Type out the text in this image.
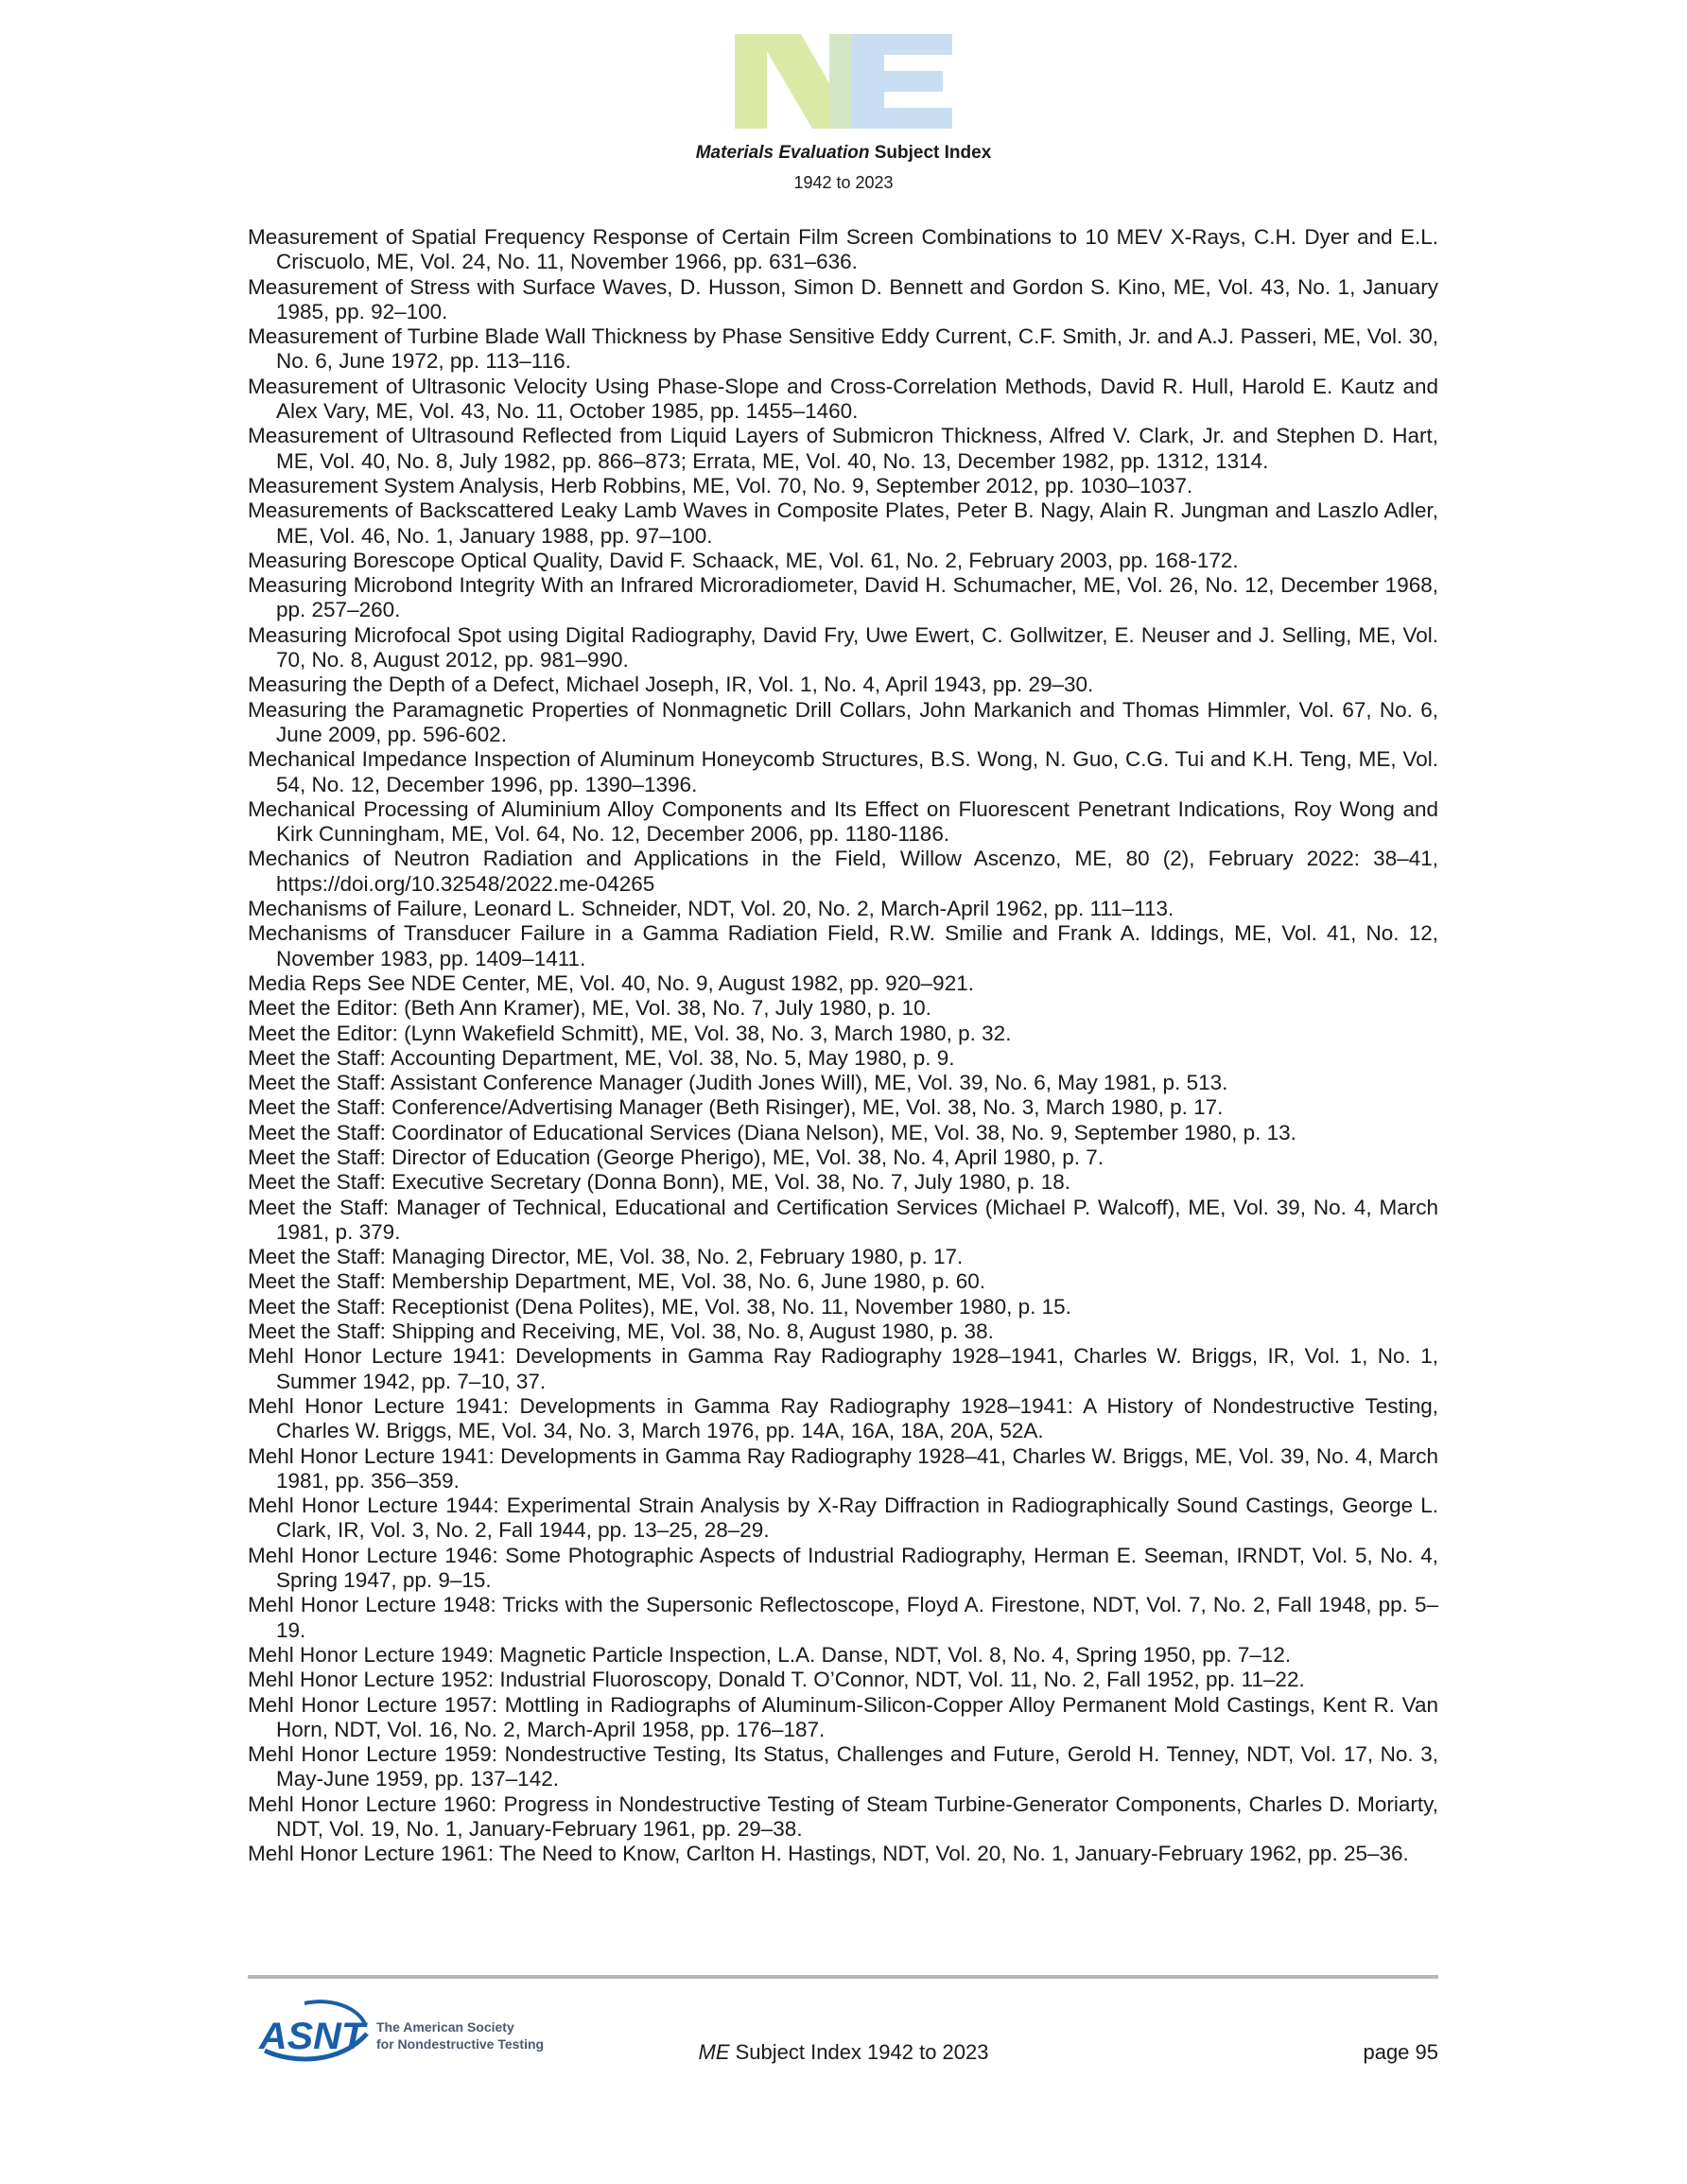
Materials Evaluation Subject Index
1942 to 2023
Measurement of Spatial Frequency Response of Certain Film Screen Combinations to 10 MEV X-Rays, C.H. Dyer and E.L. Criscuolo, ME, Vol. 24, No. 11, November 1966, pp. 631–636.
Measurement of Stress with Surface Waves, D. Husson, Simon D. Bennett and Gordon S. Kino, ME, Vol. 43, No. 1, January 1985, pp. 92–100.
Measurement of Turbine Blade Wall Thickness by Phase Sensitive Eddy Current, C.F. Smith, Jr. and A.J. Passeri, ME, Vol. 30, No. 6, June 1972, pp. 113–116.
Measurement of Ultrasonic Velocity Using Phase-Slope and Cross-Correlation Methods, David R. Hull, Harold E. Kautz and Alex Vary, ME, Vol. 43, No. 11, October 1985, pp. 1455–1460.
Measurement of Ultrasound Reflected from Liquid Layers of Submicron Thickness, Alfred V. Clark, Jr. and Stephen D. Hart, ME, Vol. 40, No. 8, July 1982, pp. 866–873; Errata, ME, Vol. 40, No. 13, December 1982, pp. 1312, 1314.
Measurement System Analysis, Herb Robbins, ME, Vol. 70, No. 9, September 2012, pp. 1030–1037.
Measurements of Backscattered Leaky Lamb Waves in Composite Plates, Peter B. Nagy, Alain R. Jungman and Laszlo Adler, ME, Vol. 46, No. 1, January 1988, pp. 97–100.
Measuring Borescope Optical Quality, David F. Schaack, ME, Vol. 61, No. 2, February 2003, pp. 168-172.
Measuring Microbond Integrity With an Infrared Microradiometer, David H. Schumacher, ME, Vol. 26, No. 12, December 1968, pp. 257–260.
Measuring Microfocal Spot using Digital Radiography, David Fry, Uwe Ewert, C. Gollwitzer, E. Neuser and J. Selling, ME, Vol. 70, No. 8, August 2012, pp. 981–990.
Measuring the Depth of a Defect, Michael Joseph, IR, Vol. 1, No. 4, April 1943, pp. 29–30.
Measuring the Paramagnetic Properties of Nonmagnetic Drill Collars, John Markanich and Thomas Himmler, Vol. 67, No. 6, June 2009, pp. 596-602.
Mechanical Impedance Inspection of Aluminum Honeycomb Structures, B.S. Wong, N. Guo, C.G. Tui and K.H. Teng, ME, Vol. 54, No. 12, December 1996, pp. 1390–1396.
Mechanical Processing of Aluminium Alloy Components and Its Effect on Fluorescent Penetrant Indications, Roy Wong and Kirk Cunningham, ME, Vol. 64, No. 12, December 2006, pp. 1180-1186.
Mechanics of Neutron Radiation and Applications in the Field, Willow Ascenzo, ME, 80 (2), February 2022: 38–41, https://doi.org/10.32548/2022.me-04265
Mechanisms of Failure, Leonard L. Schneider, NDT, Vol. 20, No. 2, March-April 1962, pp. 111–113.
Mechanisms of Transducer Failure in a Gamma Radiation Field, R.W. Smilie and Frank A. Iddings, ME, Vol. 41, No. 12, November 1983, pp. 1409–1411.
Media Reps See NDE Center, ME, Vol. 40, No. 9, August 1982, pp. 920–921.
Meet the Editor: (Beth Ann Kramer), ME, Vol. 38, No. 7, July 1980, p. 10.
Meet the Editor: (Lynn Wakefield Schmitt), ME, Vol. 38, No. 3, March 1980, p. 32.
Meet the Staff: Accounting Department, ME, Vol. 38, No. 5, May 1980, p. 9.
Meet the Staff: Assistant Conference Manager (Judith Jones Will), ME, Vol. 39, No. 6, May 1981, p. 513.
Meet the Staff: Conference/Advertising Manager (Beth Risinger), ME, Vol. 38, No. 3, March 1980, p. 17.
Meet the Staff: Coordinator of Educational Services (Diana Nelson), ME, Vol. 38, No. 9, September 1980, p. 13.
Meet the Staff: Director of Education (George Pherigo), ME, Vol. 38, No. 4, April 1980, p. 7.
Meet the Staff: Executive Secretary (Donna Bonn), ME, Vol. 38, No. 7, July 1980, p. 18.
Meet the Staff: Manager of Technical, Educational and Certification Services (Michael P. Walcoff), ME, Vol. 39, No. 4, March 1981, p. 379.
Meet the Staff: Managing Director, ME, Vol. 38, No. 2, February 1980, p. 17.
Meet the Staff: Membership Department, ME, Vol. 38, No. 6, June 1980, p. 60.
Meet the Staff: Receptionist (Dena Polites), ME, Vol. 38, No. 11, November 1980, p. 15.
Meet the Staff: Shipping and Receiving, ME, Vol. 38, No. 8, August 1980, p. 38.
Mehl Honor Lecture 1941: Developments in Gamma Ray Radiography 1928–1941, Charles W. Briggs, IR, Vol. 1, No. 1, Summer 1942, pp. 7–10, 37.
Mehl Honor Lecture 1941: Developments in Gamma Ray Radiography 1928–1941: A History of Nondestructive Testing, Charles W. Briggs, ME, Vol. 34, No. 3, March 1976, pp. 14A, 16A, 18A, 20A, 52A.
Mehl Honor Lecture 1941: Developments in Gamma Ray Radiography 1928–41, Charles W. Briggs, ME, Vol. 39, No. 4, March 1981, pp. 356–359.
Mehl Honor Lecture 1944: Experimental Strain Analysis by X-Ray Diffraction in Radiographically Sound Castings, George L. Clark, IR, Vol. 3, No. 2, Fall 1944, pp. 13–25, 28–29.
Mehl Honor Lecture 1946: Some Photographic Aspects of Industrial Radiography, Herman E. Seeman, IRNDT, Vol. 5, No. 4, Spring 1947, pp. 9–15.
Mehl Honor Lecture 1948: Tricks with the Supersonic Reflectoscope, Floyd A. Firestone, NDT, Vol. 7, No. 2, Fall 1948, pp. 5–19.
Mehl Honor Lecture 1949: Magnetic Particle Inspection, L.A. Danse, NDT, Vol. 8, No. 4, Spring 1950, pp. 7–12.
Mehl Honor Lecture 1952: Industrial Fluoroscopy, Donald T. O’Connor, NDT, Vol. 11, No. 2, Fall 1952, pp. 11–22.
Mehl Honor Lecture 1957: Mottling in Radiographs of Aluminum-Silicon-Copper Alloy Permanent Mold Castings, Kent R. Van Horn, NDT, Vol. 16, No. 2, March-April 1958, pp. 176–187.
Mehl Honor Lecture 1959: Nondestructive Testing, Its Status, Challenges and Future, Gerold H. Tenney, NDT, Vol. 17, No. 3, May-June 1959, pp. 137–142.
Mehl Honor Lecture 1960: Progress in Nondestructive Testing of Steam Turbine-Generator Components, Charles D. Moriarty, NDT, Vol. 19, No. 1, January-February 1961, pp. 29–38.
Mehl Honor Lecture 1961: The Need to Know, Carlton H. Hastings, NDT, Vol. 20, No. 1, January-February 1962, pp. 25–36.
ASNT The American Society
for Nondestructive Testing	ME Subject Index 1942 to 2023	page 95
